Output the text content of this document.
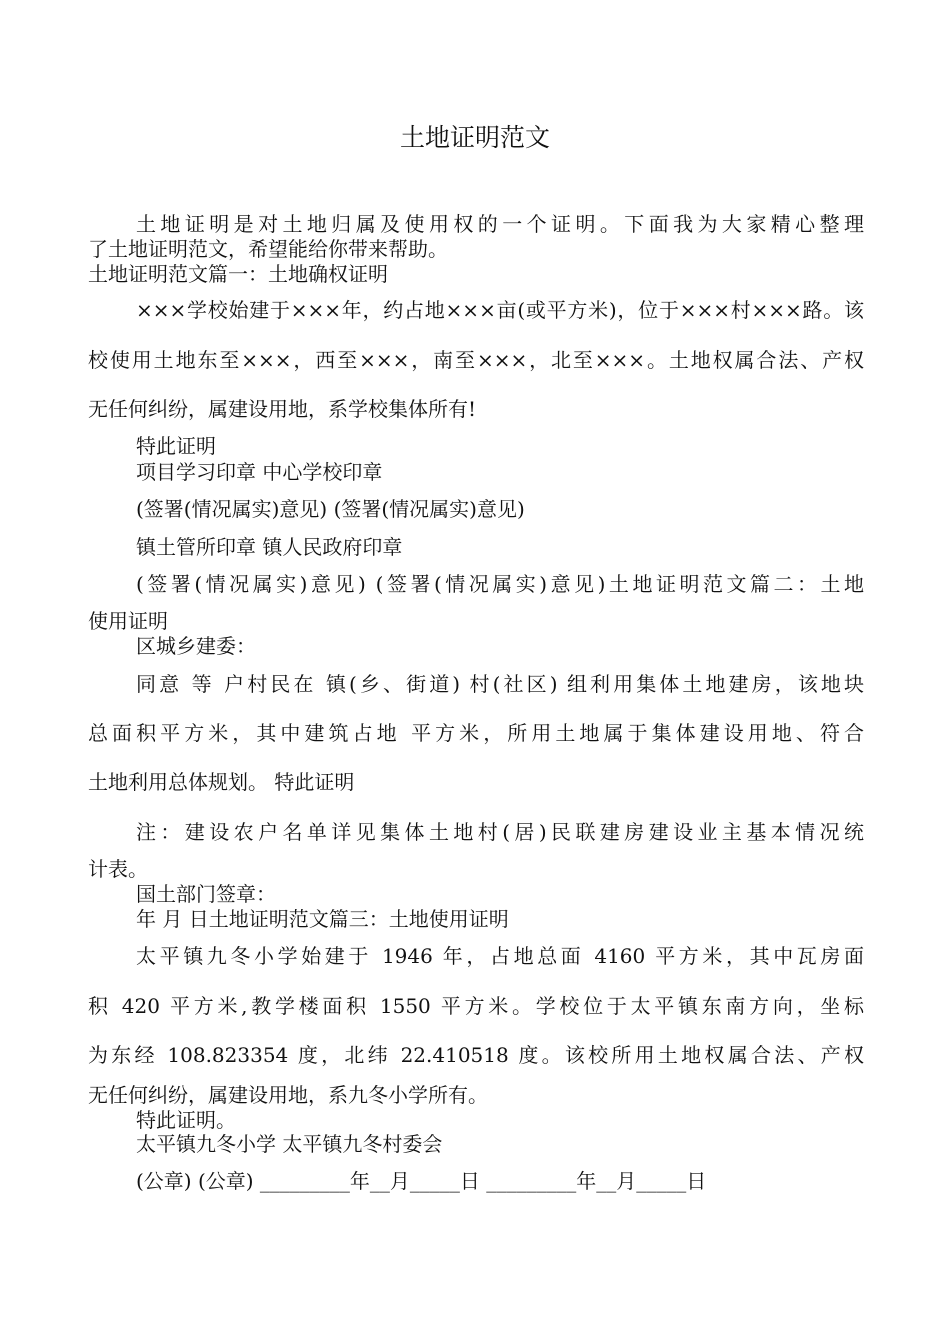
土地证明范文
土地证明是对土地归属及使用权的一个证明。下面我为大家精心整理
了土地证明范文，希望能给你带来帮助。
土地证明范文篇一：土地确权证明
×××学校始建于×××年，约占地×××亩(或平方米)，位于×××村×××路。该
校使用土地东至×××，西至×××，南至×××，北至×××。土地权属合法、产权
无任何纠纷，属建设用地，系学校集体所有!
特此证明
项目学习印章 中心学校印章
(签署(情况属实)意见) (签署(情况属实)意见)
镇土管所印章 镇人民政府印章
(签署(情况属实)意见) (签署(情况属实)意见)土地证明范文篇二：土地
使用证明
区城乡建委：
同意 等 户村民在 镇(乡、街道) 村(社区) 组利用集体土地建房，该地块
总面积平方米，其中建筑占地 平方米，所用土地属于集体建设用地、符合
土地利用总体规划。 特此证明
注：建设农户名单详见集体土地村(居)民联建房建设业主基本情况统
计表。
国土部门签章：
年 月 日土地证明范文篇三：土地使用证明
太平镇九冬小学始建于 1946 年，占地总面 4160 平方米，其中瓦房面
积 420 平方米,教学楼面积 1550 平方米。学校位于太平镇东南方向，坐标
为东经 108.823354 度，北纬 22.410518 度。该校所用土地权属合法、产权
无任何纠纷，属建设用地，系九冬小学所有。
特此证明。
太平镇九冬小学 太平镇九冬村委会
(公章) (公章) _________年__月_____日 _________年__月_____日
